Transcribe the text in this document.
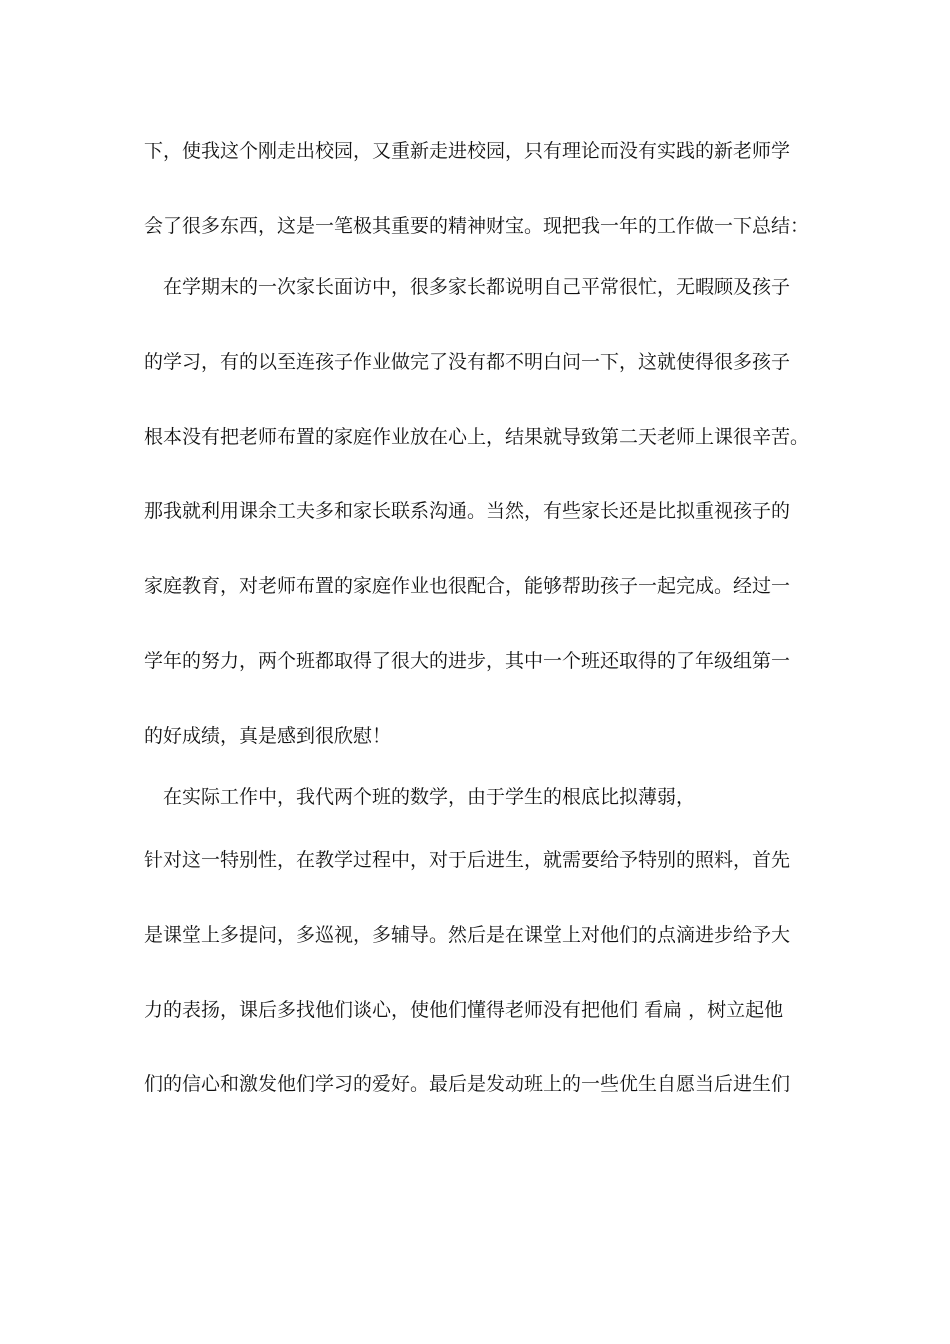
下，使我这个刚走出校园，又重新走进校园，只有理论而没有实践的新老师学
会了很多东西，这是一笔极其重要的精神财宝。现把我一年的工作做一下总结：
　在学期末的一次家长面访中，很多家长都说明自己平常很忙，无暇顾及孩子
的学习，有的以至连孩子作业做完了没有都不明白问一下，这就使得很多孩子
根本没有把老师布置的家庭作业放在心上，结果就导致第二天老师上课很辛苦。
那我就利用课余工夫多和家长联系沟通。当然，有些家长还是比拟重视孩子的
家庭教育，对老师布置的家庭作业也很配合，能够帮助孩子一起完成。经过一
学年的努力，两个班都取得了很大的进步，其中一个班还取得的了年级组第一
的好成绩，真是感到很欣慰！
　在实际工作中，我代两个班的数学，由于学生的根底比拟薄弱，
针对这一特别性，在教学过程中，对于后进生，就需要给予特别的照料，首先
是课堂上多提问，多巡视，多辅导。然后是在课堂上对他们的点滴进步给予大
力的表扬，课后多找他们谈心，使他们懂得老师没有把他们 看扁 ，树立起他
们的信心和激发他们学习的爱好。最后是发动班上的一些优生自愿当后进生们
